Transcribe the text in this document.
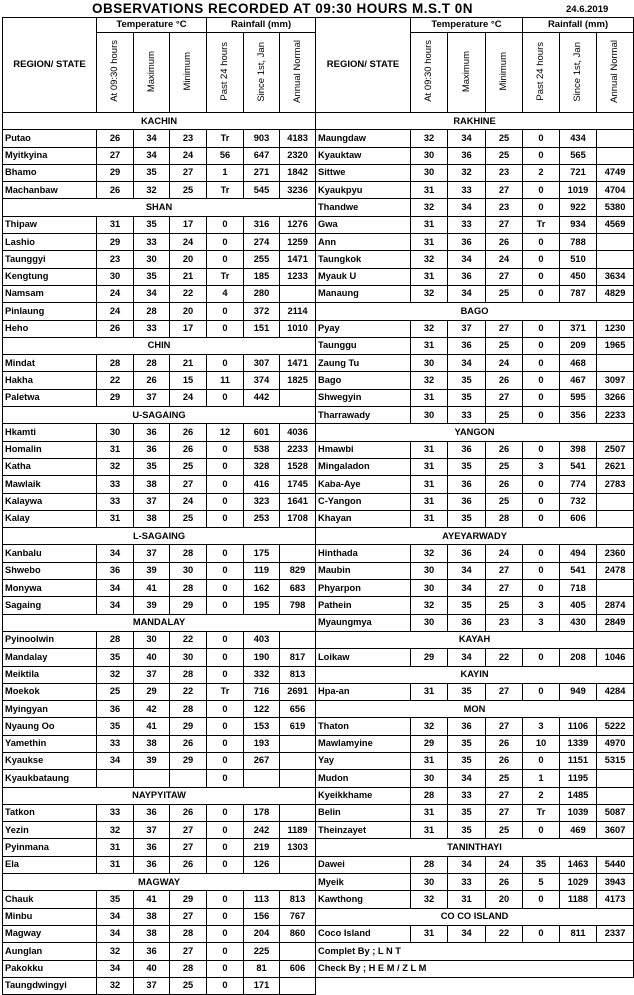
OBSERVATIONS RECORDED AT 09:30 HOURS M.S.T 0N	24.6.2019
REGION/ STATE	Temperature °C			Rainfall (mm)		
	At 09:30 hours	Maximum	Minimum	Past 24 hours	Since 1st, Jan	Annual Normal
KACHIN						
Putao	26	34	23	Tr	903	4183
Myitkyina	27	34	24	56	647	2320
Bhamo	29	35	27	1	271	1842
Machanbaw	26	32	25	Tr	545	3236
SHAN						
Thipaw	31	35	17	0	316	1276
Lashio	29	33	24	0	274	1259
Taunggyi	23	30	20	0	255	1471
Kengtung	30	35	21	Tr	185	1233
Namsam	24	34	22	4	280	
Pinlaung	24	28	20	0	372	2114
Heho	26	33	17	0	151	1010
CHIN						
Mindat	28	28	21	0	307	1471
Hakha	22	26	15	11	374	1825
Paletwa	29	37	24	0	442	
U-SAGAING						
Hkamti	30	36	26	12	601	4036
Homalin	31	36	26	0	538	2233
Katha	32	35	25	0	328	1528
Mawlaik	33	38	27	0	416	1745
Kalaywa	33	37	24	0	323	1641
Kalay	31	38	25	0	253	1708
L-SAGAING						
Kanbalu	34	37	28	0	175	
Shwebo	36	39	30	0	119	829
Monywa	34	41	28	0	162	683
Sagaing	34	39	29	0	195	798
MANDALAY						
Pyinoolwin	28	30	22	0	403	
Mandalay	35	40	30	0	190	817
Meiktila	32	37	28	0	332	813
Moekok	25	29	22	Tr	716	2691
Myingyan	36	42	28	0	122	656
Nyaung Oo	35	41	29	0	153	619
Yamethin	33	38	26	0	193	
Kyaukse	34	39	29	0	267	
Kyaukbataung				0		
NAYPYITAW						
Tatkon	33	36	26	0	178	
Yezin	32	37	27	0	242	1189
Pyinmana	31	36	27	0	219	1303
Ela	31	36	26	0	126	
MAGWAY						
Chauk	35	41	29	0	113	813
Minbu	34	38	27	0	156	767
Magway	34	38	28	0	204	860
Aunglan	32	36	27	0	225	
Pakokku	34	40	28	0	81	606
Taungdwingyi	32	37	25	0	171	
REGION/ STATE	Temperature °C			Rainfall (mm)		
	At 09:30 hours	Maximum	Minimum	Past 24 hours	Since 1st, Jan	Annual Normal
RAKHINE						
Maungdaw	32	34	25	0	434	
Kyauktaw	30	36	25	0	565	
Sittwe	30	32	23	2	721	4749
Kyaukpyu	31	33	27	0	1019	4704
Thandwe	32	34	23	0	922	5380
Gwa	31	33	27	Tr	934	4569
Ann	31	36	26	0	788	
Taungkok	32	34	24	0	510	
Myauk U	31	36	27	0	450	3634
Manaung	32	34	25	0	787	4829
BAGO						
Pyay	32	37	27	0	371	1230
Taunggu	31	36	25	0	209	1965
Zaung Tu	30	34	24	0	468	
Bago	32	35	26	0	467	3097
Shwegyin	31	35	27	0	595	3266
Tharrawady	30	33	25	0	356	2233
YANGON						
Hmawbi	31	36	26	0	398	2507
Mingaladon	31	35	25	3	541	2621
Kaba-Aye	31	36	26	0	774	2783
C-Yangon	31	36	25	0	732	
Khayan	31	35	28	0	606	
AYEYARWADY						
Hinthada	32	36	24	0	494	2360
Maubin	30	34	27	0	541	2478
Phyarpon	30	34	27	0	718	
Pathein	32	35	25	3	405	2874
Myaungmya	30	36	23	3	430	2849
KAYAH						
Loikaw	29	34	22	0	208	1046
KAYIN						
Hpa-an	31	35	27	0	949	4284
MON						
Thaton	32	36	27	3	1106	5222
Mawlamyine	29	35	26	10	1339	4970
Yay	31	35	26	0	1151	5315
Mudon	30	34	25	1	1195	
Kyeikkhame	28	33	27	2	1485	
Belin	31	35	27	Tr	1039	5087
Theinzayet	31	35	25	0	469	3607
TANINTHAYI						
Dawei	28	34	24	35	1463	5440
Myeik	30	33	26	5	1029	3943
Kawthong	32	31	20	0	1188	4173
CO CO ISLAND						
Coco Island	31	34	22	0	811	2337
Complet By ; L N T						
Check By ; H E M / Z L M						
